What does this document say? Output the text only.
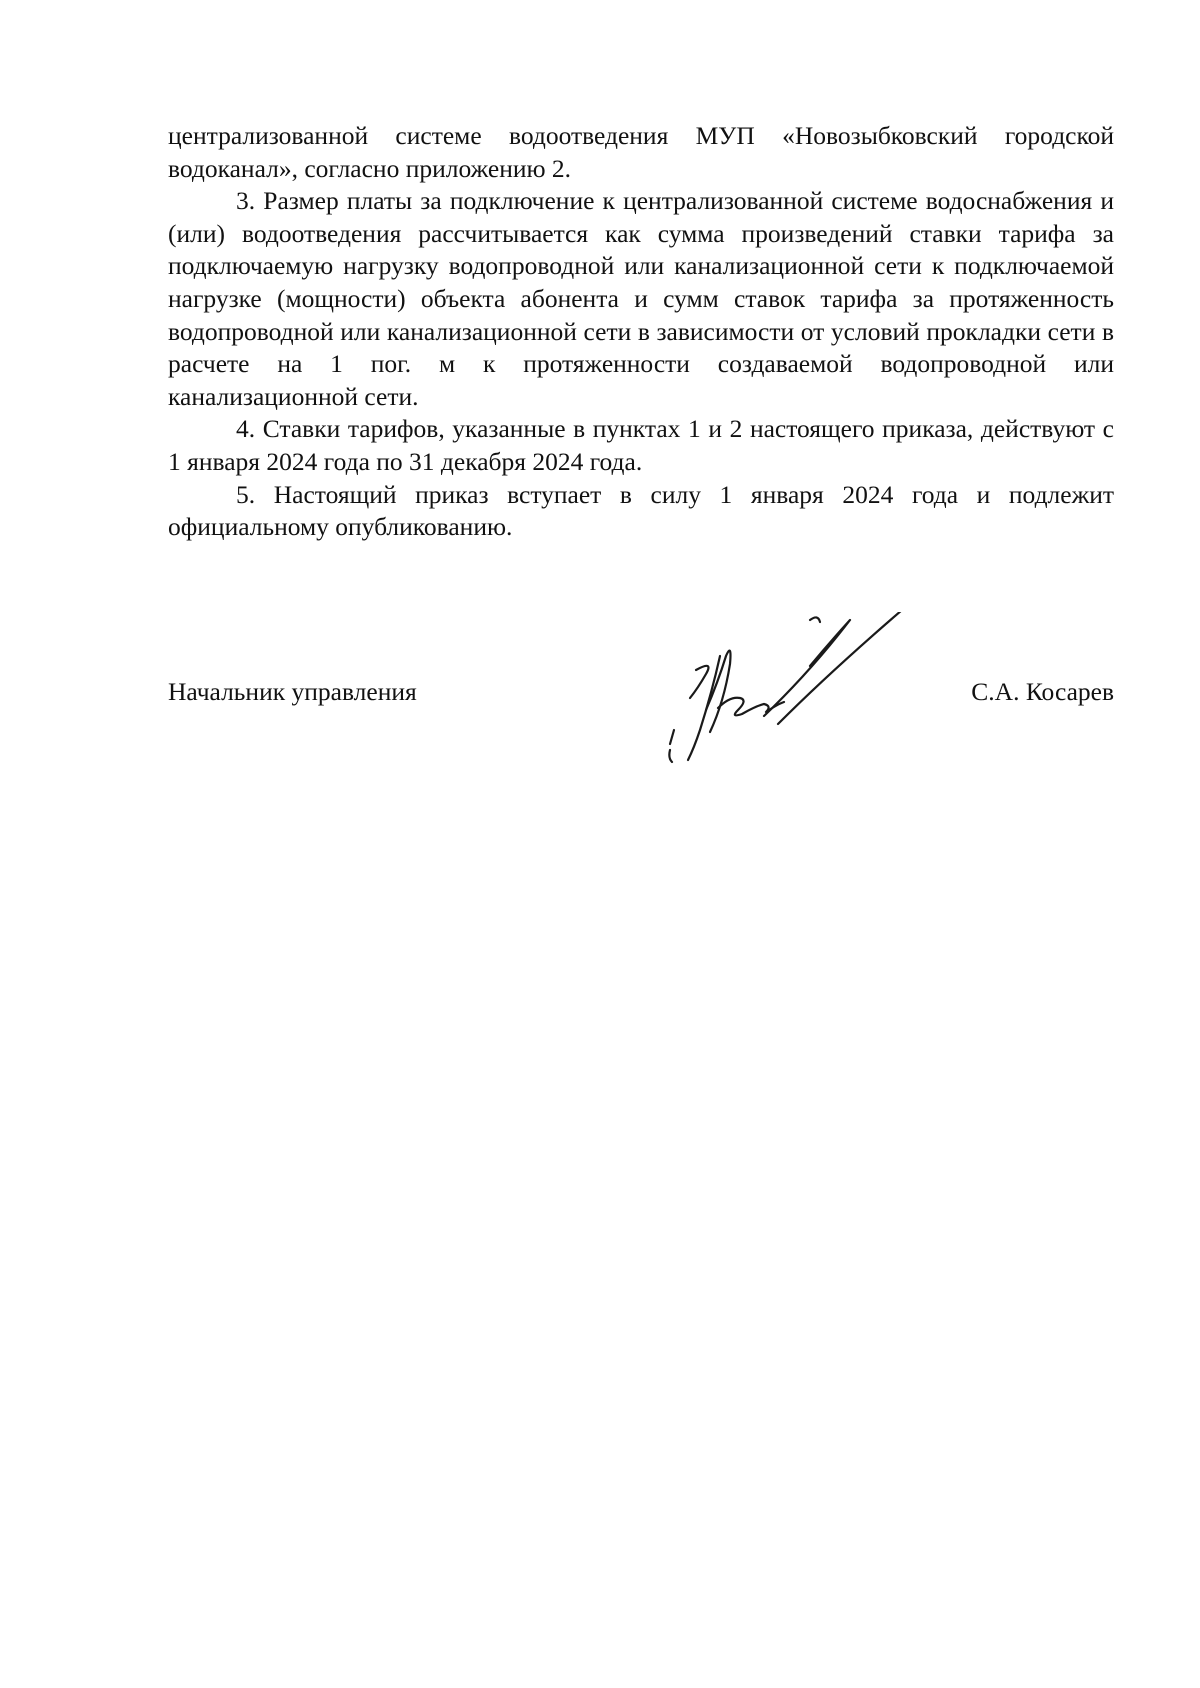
централизованной системе водоотведения МУП «Новозыбковский городской водоканал», согласно приложению 2.

3. Размер платы за подключение к централизованной системе водоснабжения и (или) водоотведения рассчитывается как сумма произведений ставки тарифа за подключаемую нагрузку водопроводной или канализационной сети к подключаемой нагрузке (мощности) объекта абонента и сумм ставок тарифа за протяженность водопроводной или канализационной сети в зависимости от условий прокладки сети в расчете на 1 пог. м к протяженности создаваемой водопроводной или канализационной сети.

4. Ставки тарифов, указанные в пунктах 1 и 2 настоящего приказа, действуют с 1 января 2024 года по 31 декабря 2024 года.

5. Настоящий приказ вступает в силу 1 января 2024 года и подлежит официальному опубликованию.

Начальник управления	С.А. Косарев
